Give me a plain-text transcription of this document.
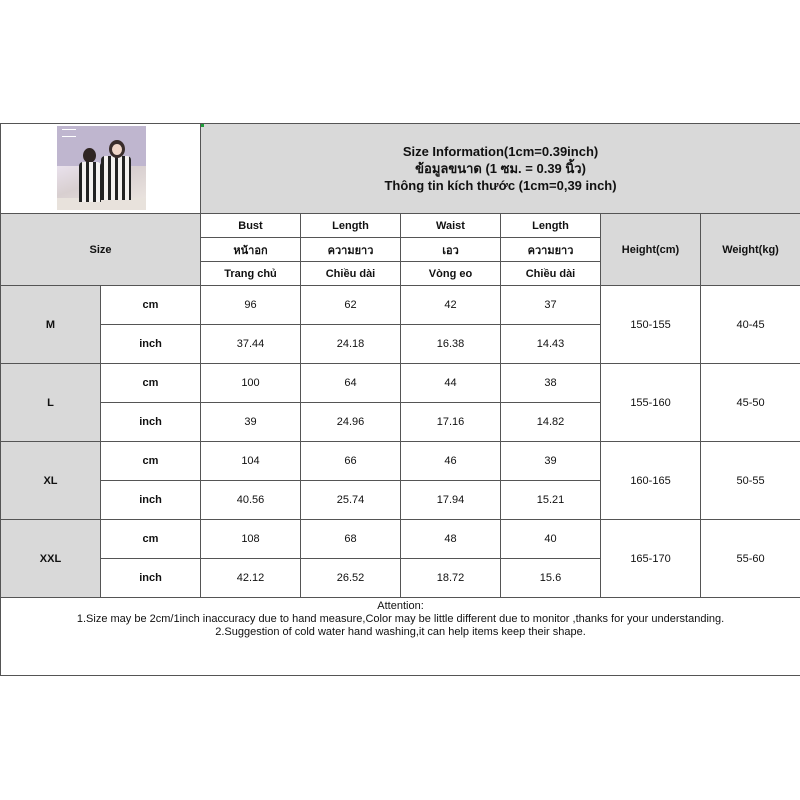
		Size Information(1cm=0.39inch)
ข้อมูลขนาด (1 ซม. = 0.39 นิ้ว)
Thông tin kích thước (1cm=0,39 inch)					

Size		Bust	Length	Waist	Length	Height(cm)	Weight(kg)
		หน้าอก	ความยาว	เอว	ความยาว		
		Trang chủ	Chiều dài	Vòng eo	Chiều dài		
M	cm	96	62	42	37	150-155	40-45
	inch	37.44	24.18	16.38	14.43		
L	cm	100	64	44	38	155-160	45-50
	inch	39	24.96	17.16	14.82		
XL	cm	104	66	46	39	160-165	50-55
	inch	40.56	25.74	17.94	15.21		
XXL	cm	108	68	48	40	165-170	55-60
	inch	42.12	26.52	18.72	15.6		

Attention:
1.Size may be 2cm/1inch inaccuracy due to hand measure,Color may be little different due to monitor ,thanks for your understanding.
2.Suggestion of cold water hand washing,it can help items keep their shape.							
